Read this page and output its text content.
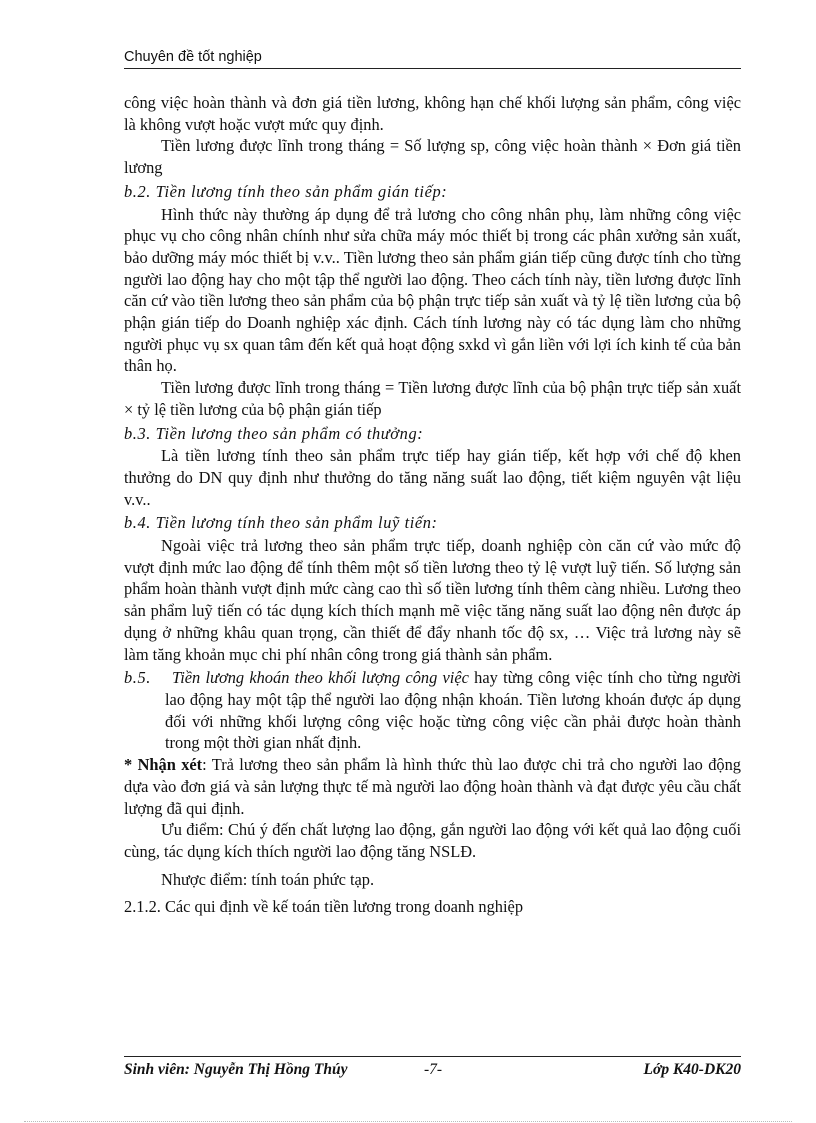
Chuyên đề tốt nghiệp

công việc hoàn thành và đơn giá tiền lương, không hạn chế khối lượng sản phẩm, công việc là không vượt hoặc vượt mức quy định.

Tiền lương được lĩnh trong tháng = Số lượng sp, công việc hoàn thành × Đơn giá tiền lương

b.2. Tiền lương tính theo sản phẩm gián tiếp:

Hình thức này thường áp dụng để trả lương cho công nhân phụ, làm những công việc phục vụ cho công nhân chính như sửa chữa máy móc thiết bị trong các phân xưởng sản xuất, bảo dưỡng máy móc thiết bị v.v.. Tiền lương theo sản phẩm gián tiếp cũng được tính cho từng người lao động hay cho một tập thể người lao động. Theo cách tính này, tiền lương được lĩnh căn cứ vào tiền lương theo sản phẩm của bộ phận trực tiếp sản xuất và tỷ lệ tiền lương của bộ phận gián tiếp do Doanh nghiệp xác định. Cách tính lương này có tác dụng làm cho những người phục vụ sx quan tâm đến kết quả hoạt động sxkd vì gắn liền với lợi ích kinh tế của bản thân họ.

Tiền lương được lĩnh trong tháng = Tiền lương được lĩnh của bộ phận trực tiếp sản xuất × tỷ lệ tiền lương của bộ phận gián tiếp

b.3. Tiền lương theo sản phẩm có thưởng:

Là tiền lương tính theo sản phẩm trực tiếp hay gián tiếp, kết hợp với chế độ khen thưởng do DN quy định như thưởng do tăng năng suất lao động, tiết kiệm nguyên vật liệu v.v..

b.4. Tiền lương tính theo sản phẩm luỹ tiến:

Ngoài việc trả lương theo sản phẩm trực tiếp, doanh nghiệp còn căn cứ vào mức độ vượt định mức lao động để tính thêm một số tiền lương theo tỷ lệ vượt luỹ tiến. Số lượng sản phẩm hoàn thành vượt định mức càng cao thì số tiền lương tính thêm càng nhiều. Lương theo sản phẩm luỹ tiến có tác dụng kích thích mạnh mẽ việc tăng năng suất lao động nên được áp dụng ở những khâu quan trọng, cần thiết để đẩy nhanh tốc độ sx, … Việc trả lương này sẽ làm tăng khoản mục chi phí nhân công trong giá thành sản phẩm.

b.5. Tiền lương khoán theo khối lượng công việc hay từng công việc tính cho từng người lao động hay một tập thể người lao động nhận khoán. Tiền lương khoán được áp dụng đối với những khối lượng công việc hoặc từng công việc cần phải được hoàn thành trong một thời gian nhất định.

* Nhận xét: Trả lương theo sản phẩm là hình thức thù lao được chi trả cho người lao động dựa vào đơn giá và sản lượng thực tế mà người lao động hoàn thành và đạt được yêu cầu chất lượng đã qui định.

Ưu điểm: Chú ý đến chất lượng lao động, gắn người lao động với kết quả lao động cuối cùng, tác dụng kích thích người lao động tăng NSLĐ.

Nhược điểm: tính toán phức tạp.

2.1.2. Các qui định về kế toán tiền lương trong doanh nghiệp

Sinh viên: Nguyễn Thị Hồng Thúy	-7-	Lớp K40-DK20
